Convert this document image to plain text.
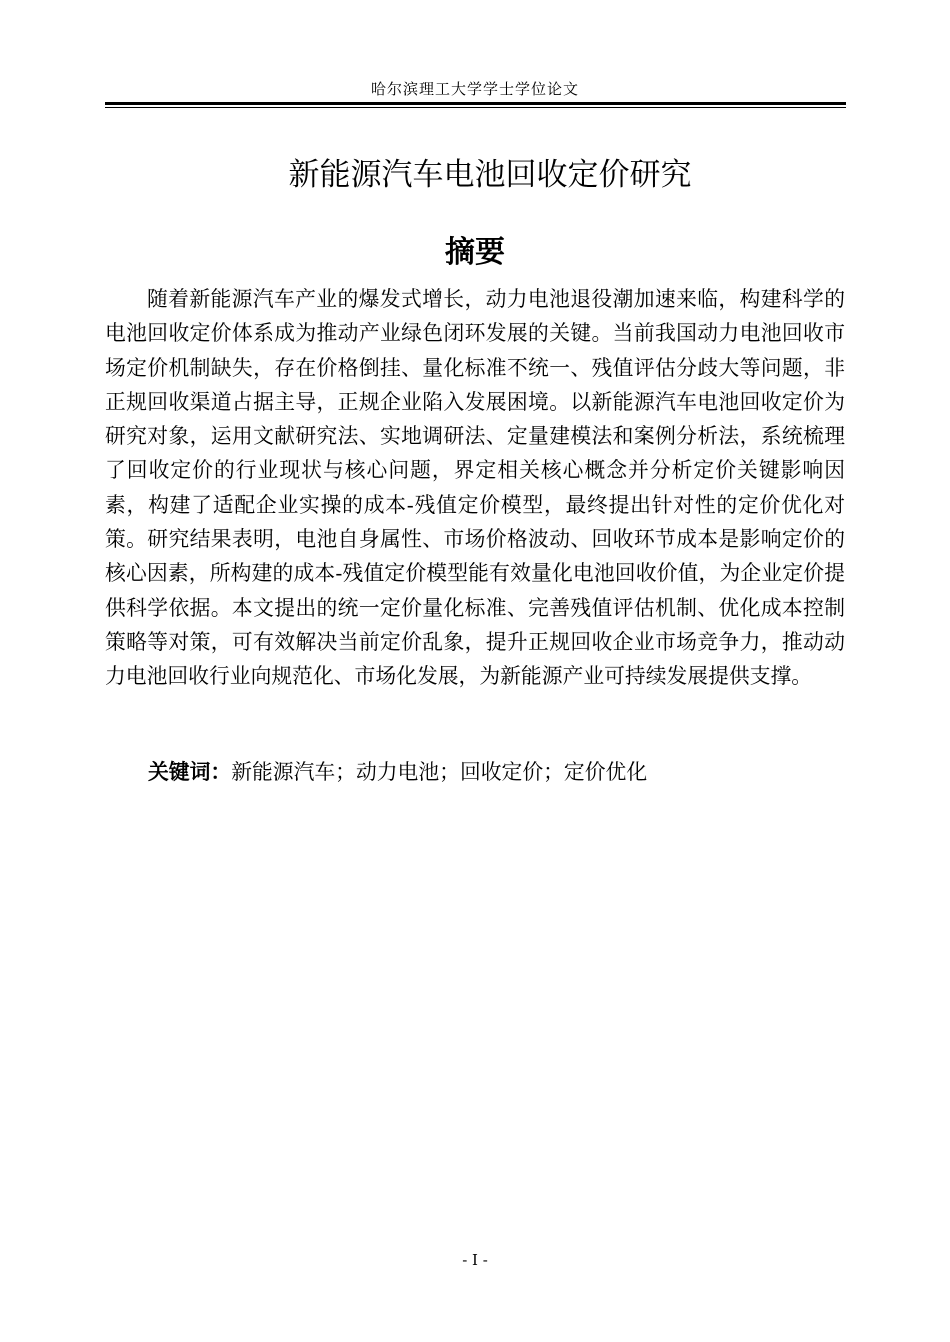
哈尔滨理工大学学士学位论文
新能源汽车电池回收定价研究
摘要

随着新能源汽车产业的爆发式增长，动力电池退役潮加速来临，构建科学的电池回收定价体系成为推动产业绿色闭环发展的关键。当前我国动力电池回收市场定价机制缺失，存在价格倒挂、量化标准不统一、残值评估分歧大等问题，非正规回收渠道占据主导，正规企业陷入发展困境。以新能源汽车电池回收定价为研究对象，运用文献研究法、实地调研法、定量建模法和案例分析法，系统梳理了回收定价的行业现状与核心问题，界定相关核心概念并分析定价关键影响因素，构建了适配企业实操的成本-残值定价模型，最终提出针对性的定价优化对策。研究结果表明，电池自身属性、市场价格波动、回收环节成本是影响定价的核心因素，所构建的成本-残值定价模型能有效量化电池回收价值，为企业定价提供科学依据。本文提出的统一定价量化标准、完善残值评估机制、优化成本控制策略等对策，可有效解决当前定价乱象，提升正规回收企业市场竞争力，推动动力电池回收行业向规范化、市场化发展，为新能源产业可持续发展提供支撑。

关键词：新能源汽车；动力电池；回收定价；定价优化
- I -
